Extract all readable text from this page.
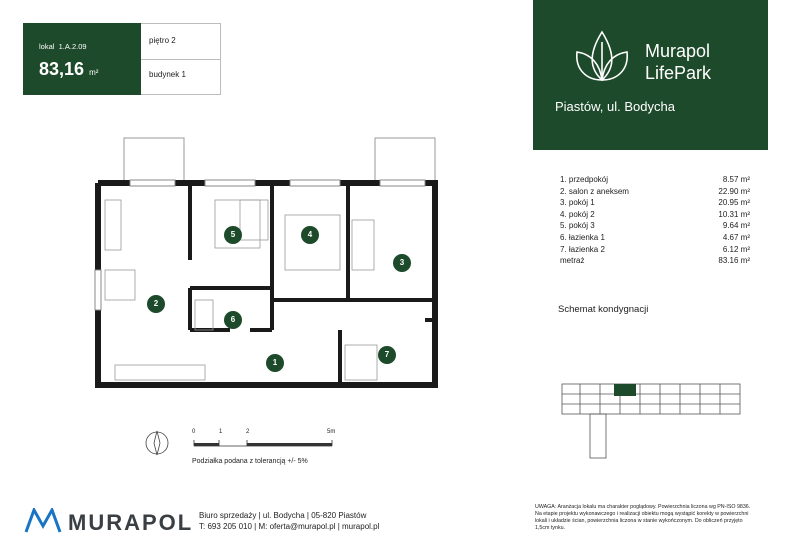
lokal 1.A.2.09
83,16 m²
piętro 2
budynek 1
Murapol
LifePark
Piastów, ul. Bodycha
1. przedpokój	8.57 m²
2. salon z aneksem	22.90 m²
3. pokój 1	20.95 m²
4. pokój 2	10.31 m²
5. pokój 3	9.64 m²
6. łazienka 1	4.67 m²
7. łazienka 2	6.12 m²
metraż	83.16 m²
Schemat kondygnacji
5	4
3
2
6
1
7
0	1	2	5m
Podziałka podana z tolerancją +/- 5%
MURAPOL Biuro sprzedaży | ul. Bodycha | 05-820 Piastów
T: 693 205 010 | M: oferta@murapol.pl | murapol.pl
UWAGA: Aranżacja lokalu ma charakter poglądowy. Powierzchnia liczona wg PN-ISO 9836. Na etapie projektu wykonawczego i realizacji obiektu mogą wystąpić korekty w powierzchni lokali i układzie ścian, powierzchnia liczona w stanie wykończonym. Do obliczeń przyjęto 1,5cm tynku.
